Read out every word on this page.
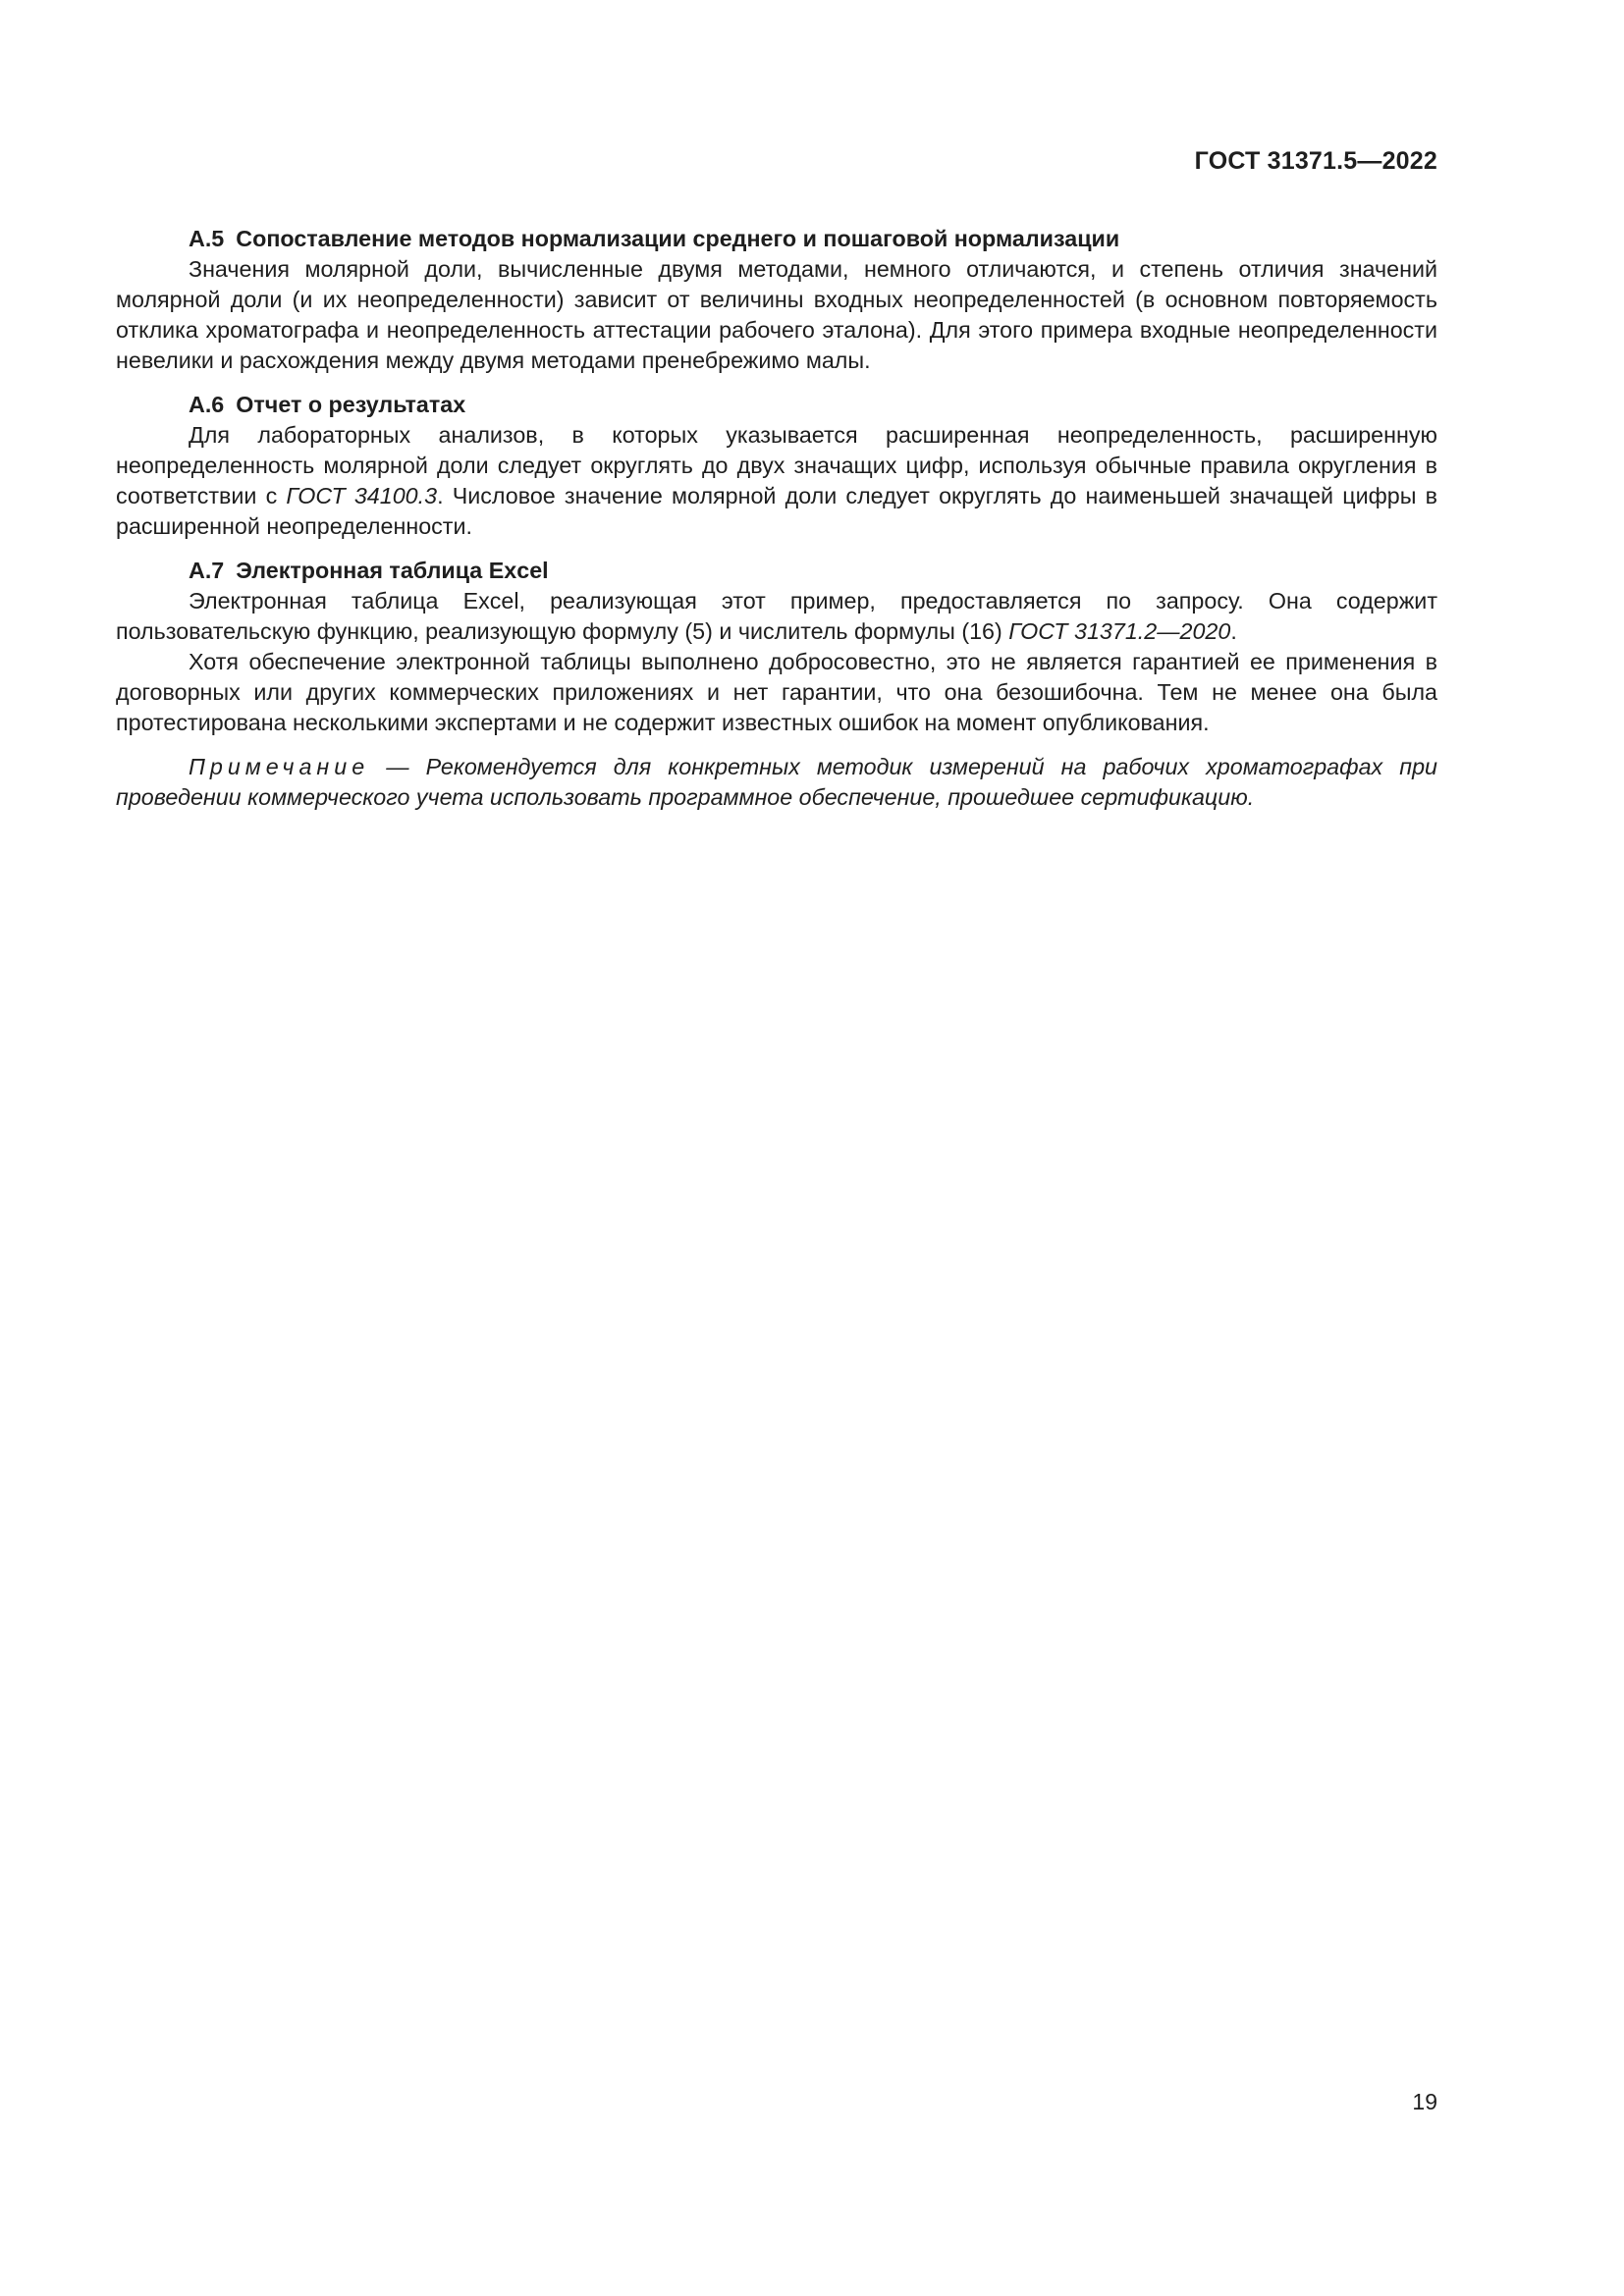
ГОСТ 31371.5—2022
А.5 Сопоставление методов нормализации среднего и пошаговой нормализации

Значения молярной доли, вычисленные двумя методами, немного отличаются, и степень отличия значений молярной доли (и их неопределенности) зависит от величины входных неопределенностей (в основном повторяемость отклика хроматографа и неопределенность аттестации рабочего эталона). Для этого примера входные неопределенности невелики и расхождения между двумя методами пренебрежимо малы.

А.6 Отчет о результатах

Для лабораторных анализов, в которых указывается расширенная неопределенность, расширенную неопределенность молярной доли следует округлять до двух значащих цифр, используя обычные правила округления в соответствии с ГОСТ 34100.3. Числовое значение молярной доли следует округлять до наименьшей значащей цифры в расширенной неопределенности.

А.7 Электронная таблица Excel

Электронная таблица Excel, реализующая этот пример, предоставляется по запросу. Она содержит пользовательскую функцию, реализующую формулу (5) и числитель формулы (16) ГОСТ 31371.2—2020.

Хотя обеспечение электронной таблицы выполнено добросовестно, это не является гарантией ее применения в договорных или других коммерческих приложениях и нет гарантии, что она безошибочна. Тем не менее она была протестирована несколькими экспертами и не содержит известных ошибок на момент опубликования.

Примечание — Рекомендуется для конкретных методик измерений на рабочих хроматографах при проведении коммерческого учета использовать программное обеспечение, прошедшее сертификацию.

19
